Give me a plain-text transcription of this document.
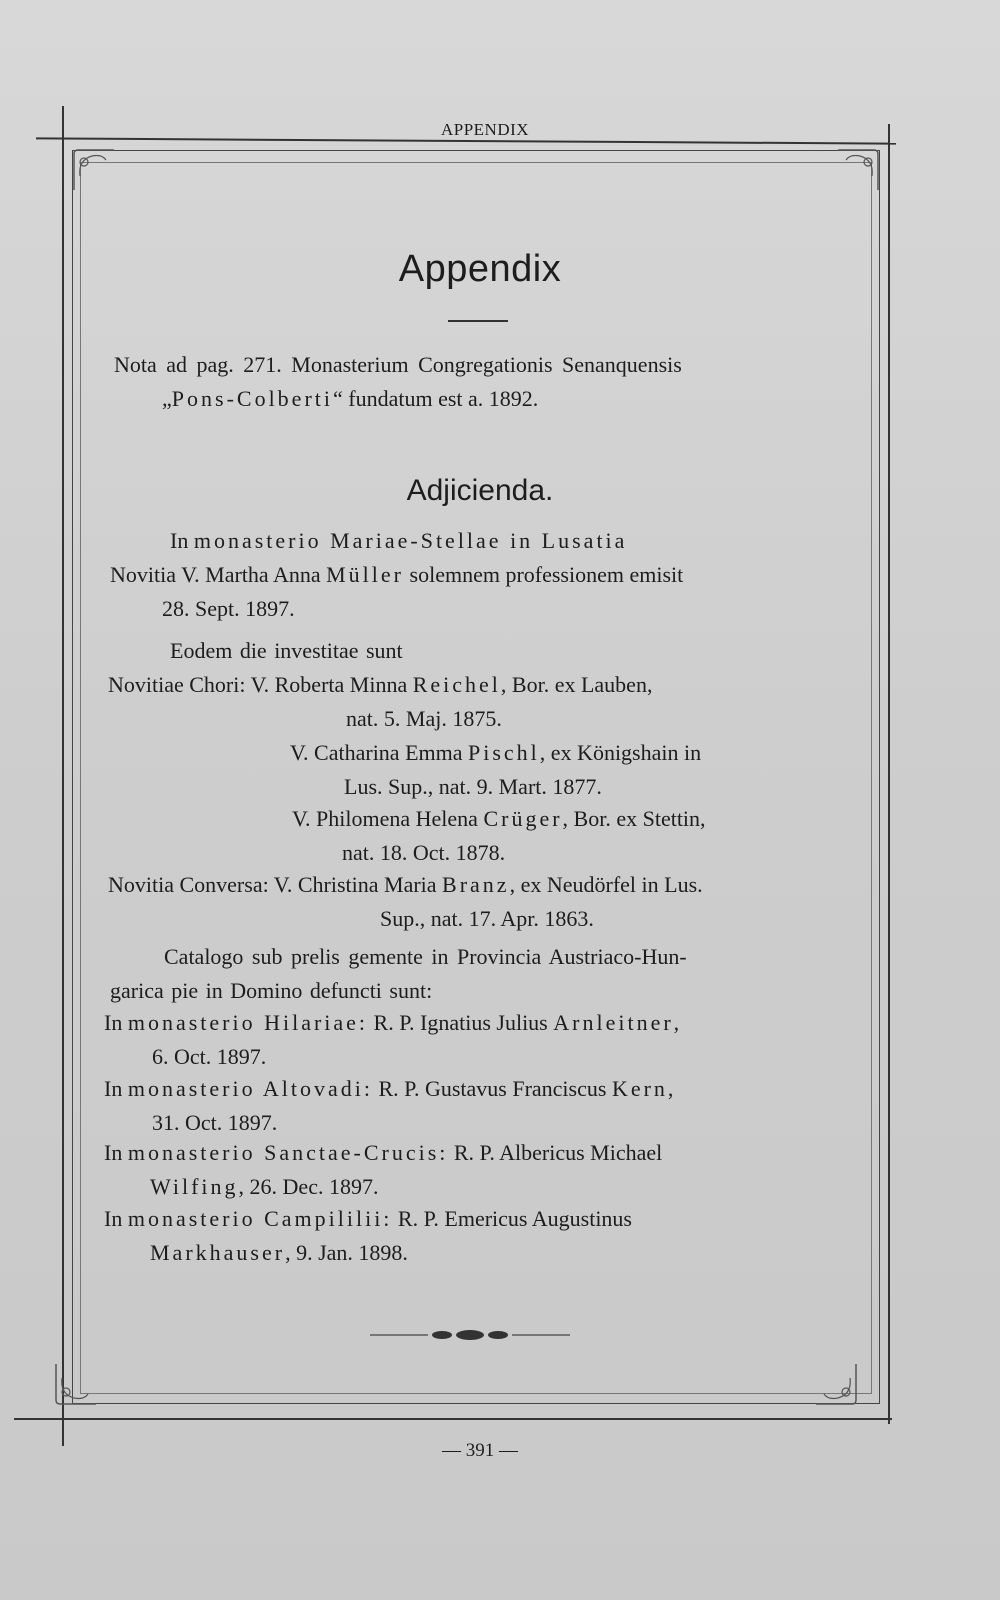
APPENDIX
Appendix
Nota ad pag. 271. Monasterium Congregationis Senanquensis
„Pons-Colberti“ fundatum est a. 1892.
Adjicienda.
In monasterio Mariae-Stellae in Lusatia
Novitia V. Martha Anna Müller solemnem professionem emisit
28. Sept. 1897.
Eodem die investitae sunt
Novitiae Chori: V. Roberta Minna Reichel, Bor. ex Lauben,
nat. 5. Maj. 1875.
V. Catharina Emma Pischl, ex Königshain in
Lus. Sup., nat. 9. Mart. 1877.
V. Philomena Helena Crüger, Bor. ex Stettin,
nat. 18. Oct. 1878.
Novitia Conversa: V. Christina Maria Branz, ex Neudörfel in Lus.
Sup., nat. 17. Apr. 1863.
Catalogo sub prelis gemente in Provincia Austriaco-Hun-
garica pie in Domino defuncti sunt:
In monasterio Hilariae: R. P. Ignatius Julius Arnleitner,
6. Oct. 1897.
In monasterio Altovadi: R. P. Gustavus Franciscus Kern,
31. Oct. 1897.
In monasterio Sanctae-Crucis: R. P. Albericus Michael
Wilfing, 26. Dec. 1897.
In monasterio Campililii: R. P. Emericus Augustinus
Markhauser, 9. Jan. 1898.
— 391 —
